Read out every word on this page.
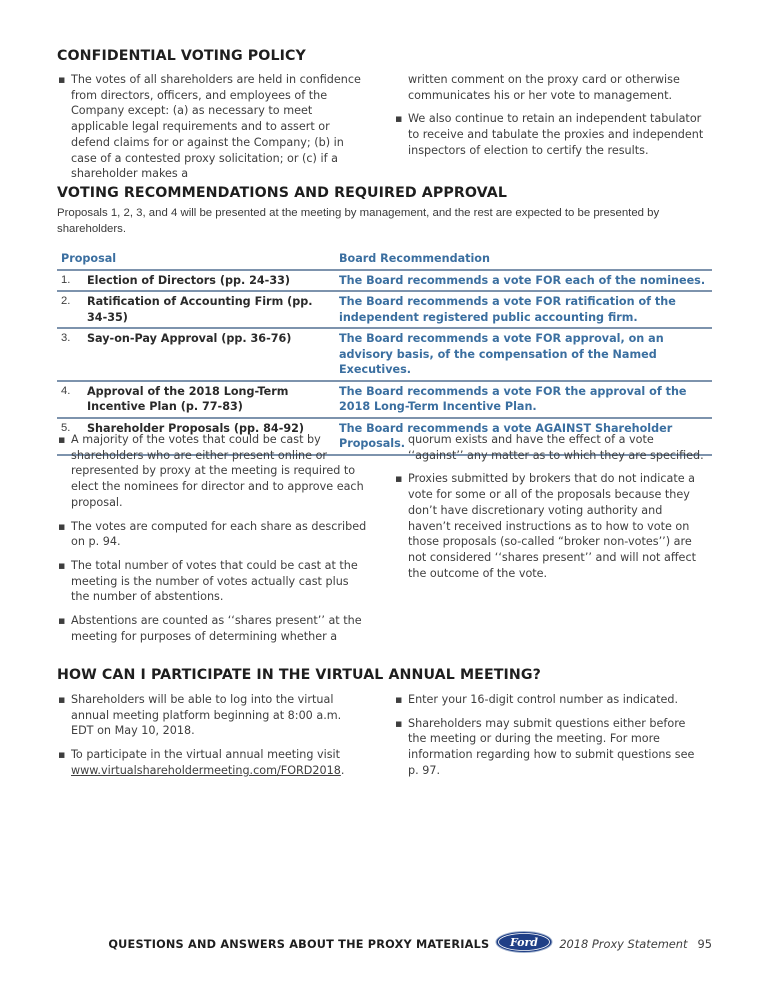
CONFIDENTIAL VOTING POLICY
▪ The votes of all shareholders are held in confidence from directors, officers, and employees of the Company except: (a) as necessary to meet applicable legal requirements and to assert or defend claims for or against the Company; (b) in case of a contested proxy solicitation; or (c) if a shareholder makes a
written comment on the proxy card or otherwise communicates his or her vote to management.
▪ We also continue to retain an independent tabulator to receive and tabulate the proxies and independent inspectors of election to certify the results.
VOTING RECOMMENDATIONS AND REQUIRED APPROVAL
Proposals 1, 2, 3, and 4 will be presented at the meeting by management, and the rest are expected to be presented by shareholders.
Proposal		Board Recommendation
1.	Election of Directors (pp. 24-33)	The Board recommends a vote FOR each of the nominees.
2.	Ratification of Accounting Firm (pp. 34-35)	The Board recommends a vote FOR ratification of the independent registered public accounting firm.
3.	Say-on-Pay Approval (pp. 36-76)	The Board recommends a vote FOR approval, on an advisory basis, of the compensation of the Named Executives.
4.	Approval of the 2018 Long-Term Incentive Plan (p. 77-83)	The Board recommends a vote FOR the approval of the 2018 Long-Term Incentive Plan.
5.	Shareholder Proposals (pp. 84-92)	The Board recommends a vote AGAINST Shareholder Proposals.
▪ A majority of the votes that could be cast by shareholders who are either present online or represented by proxy at the meeting is required to elect the nominees for director and to approve each proposal.
▪ The votes are computed for each share as described on p. 94.
▪ The total number of votes that could be cast at the meeting is the number of votes actually cast plus the number of abstentions.
▪ Abstentions are counted as ‘‘shares present’’ at the meeting for purposes of determining whether a
quorum exists and have the effect of a vote ‘‘against’’ any matter as to which they are specified.
▪ Proxies submitted by brokers that do not indicate a vote for some or all of the proposals because they don’t have discretionary voting authority and haven’t received instructions as to how to vote on those proposals (so-called “broker non-votes’’) are not considered ‘‘shares present’’ and will not affect the outcome of the vote.
HOW CAN I PARTICIPATE IN THE VIRTUAL ANNUAL MEETING?
▪ Shareholders will be able to log into the virtual annual meeting platform beginning at 8:00 a.m. EDT on May 10, 2018.
▪ To participate in the virtual annual meeting visit www.virtualshareholdermeeting.com/FORD2018.
▪ Enter your 16-digit control number as indicated.
▪ Shareholders may submit questions either before the meeting or during the meeting. For more information regarding how to submit questions see p. 97.
QUESTIONS AND ANSWERS ABOUT THE PROXY MATERIALS Ford 2018 Proxy Statement 95
